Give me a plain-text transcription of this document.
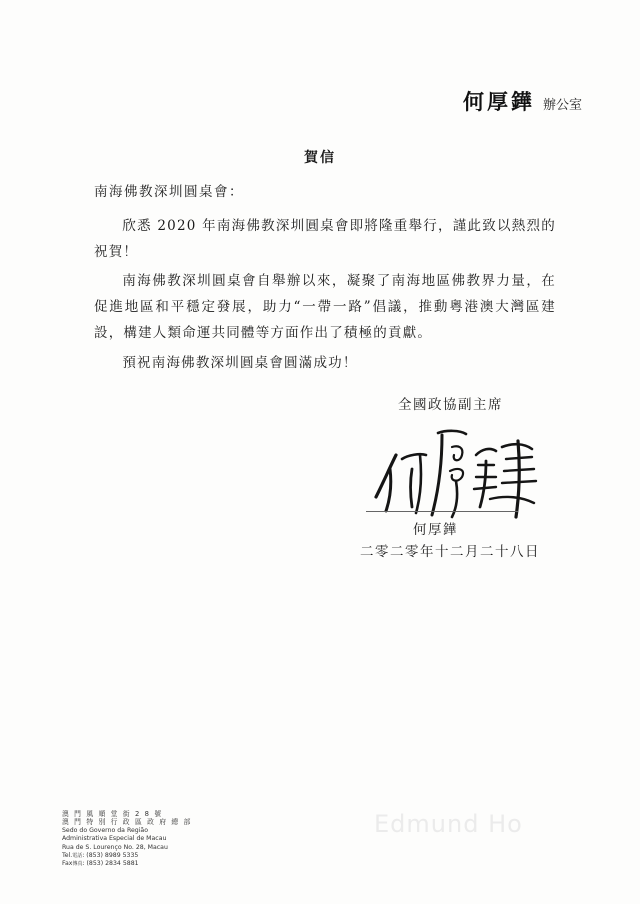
何厚鏵 辦公室
賀信
南海佛教深圳圓桌會：

欣悉 2020 年南海佛教深圳圓桌會即將隆重舉行，謹此致以熱烈的祝賀！

南海佛教深圳圓桌會自舉辦以來，凝聚了南海地區佛教界力量，在促進地區和平穩定發展，助力“一帶一路”倡議，推動粵港澳大灣區建設，構建人類命運共同體等方面作出了積極的貢獻。

預祝南海佛教深圳圓桌會圓滿成功！

全國政協副主席
何厚鏵
二零二零年十二月二十八日
澳 門 風 順 堂 街 2 8 號
澳 門 特 別 行 政 區 政 府 總 部
Sedo do Governo da Região
Administrativa Especial de Macau
Rua de S. Lourenço No. 28, Macau
Tel.電話: (853) 8989 5335
Fax傳真: (853) 2834 5881
Edmund Ho
